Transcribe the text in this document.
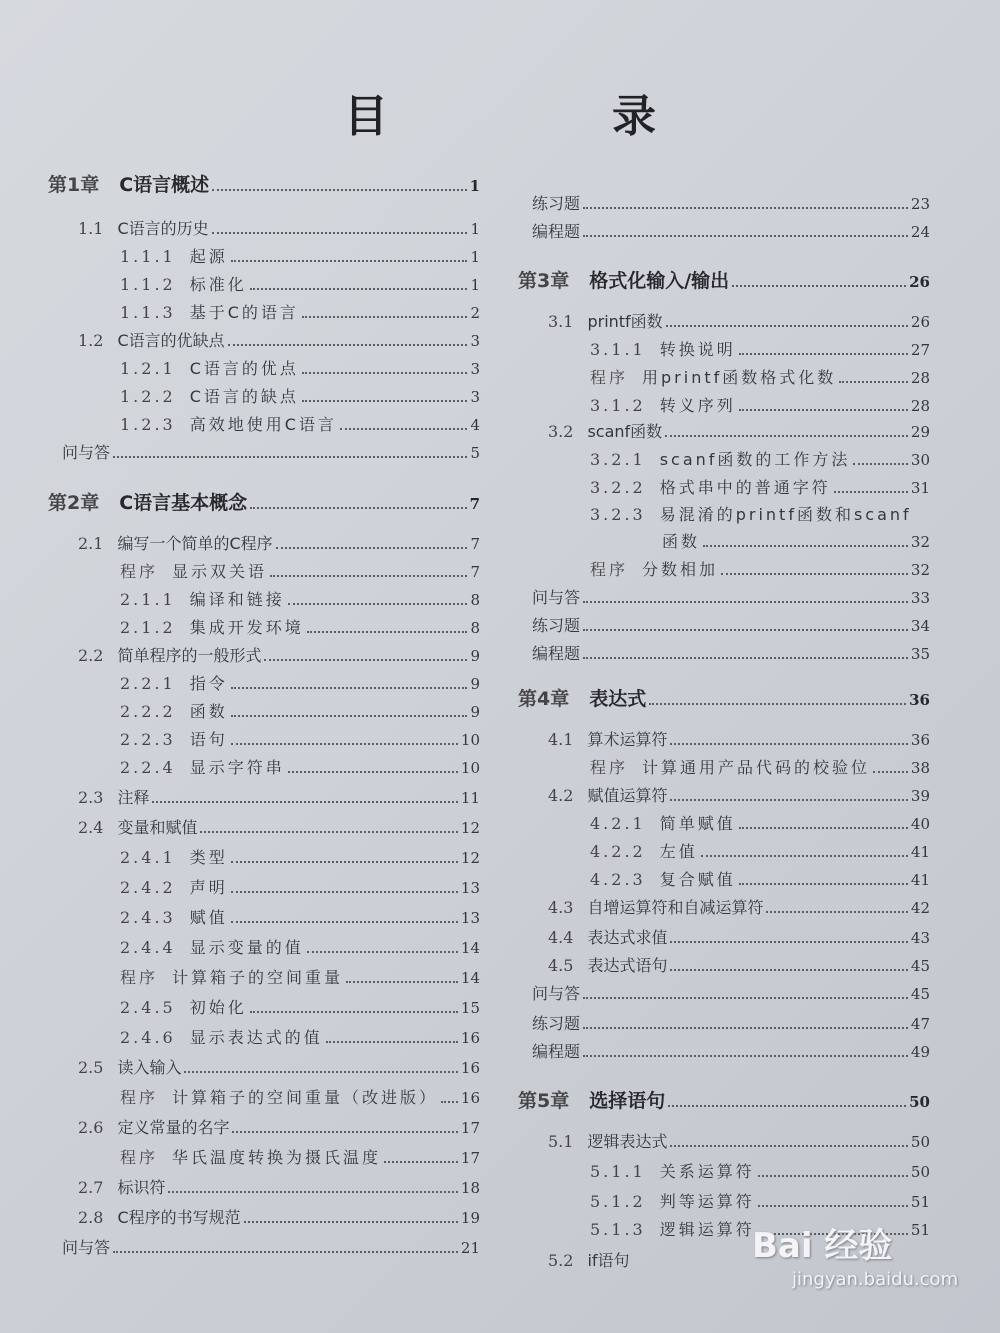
目　录
第1章 C语言概述	1
1.1 C语言的历史	1
1.1.1 起源	1
1.1.2 标准化	1
1.1.3 基于C的语言	2
1.2 C语言的优缺点	3
1.2.1 C语言的优点	3
1.2.2 C语言的缺点	3
1.2.3 高效地使用C语言	4
问与答	5
第2章 C语言基本概念	7
2.1 编写一个简单的C程序	7
程序 显示双关语	7
2.1.1 编译和链接	8
2.1.2 集成开发环境	8
2.2 简单程序的一般形式	9
2.2.1 指令	9
2.2.2 函数	9
2.2.3 语句	10
2.2.4 显示字符串	10
2.3 注释	11
2.4 变量和赋值	12
2.4.1 类型	12
2.4.2 声明	13
2.4.3 赋值	13
2.4.4 显示变量的值	14
程序 计算箱子的空间重量	14
2.4.5 初始化	15
2.4.6 显示表达式的值	16
2.5 读入输入	16
程序 计算箱子的空间重量（改进版） 16
2.6 定义常量的名字	17
程序 华氏温度转换为摄氏温度	17
2.7 标识符	18
2.8 C程序的书写规范	19
问与答	21
练习题	23
编程题	24
第3章 格式化输入/输出	26
3.1 printf函数	26
3.1.1 转换说明	27
程序 用printf函数格式化数	28
3.1.2 转义序列	28
3.2 scanf函数	29
3.2.1 scanf函数的工作方法	30
3.2.2 格式串中的普通字符	31
3.2.3 易混淆的printf函数和scanf
函数	32
程序 分数相加	32
问与答	33
练习题	34
编程题	35
第4章 表达式	36
4.1 算术运算符	36
程序 计算通用产品代码的校验位	38
4.2 赋值运算符	39
4.2.1 简单赋值	40
4.2.2 左值	41
4.2.3 复合赋值	41
4.3 自增运算符和自减运算符	42
4.4 表达式求值	43
4.5 表达式语句	45
问与答	45
练习题	47
编程题	49
第5章 选择语句	50
5.1 逻辑表达式	50
5.1.1 关系运算符	50
5.1.2 判等运算符	51
5.1.3 逻辑运算符	51
5.2 if语句	Bai 经验
jingyan.baidu.com
